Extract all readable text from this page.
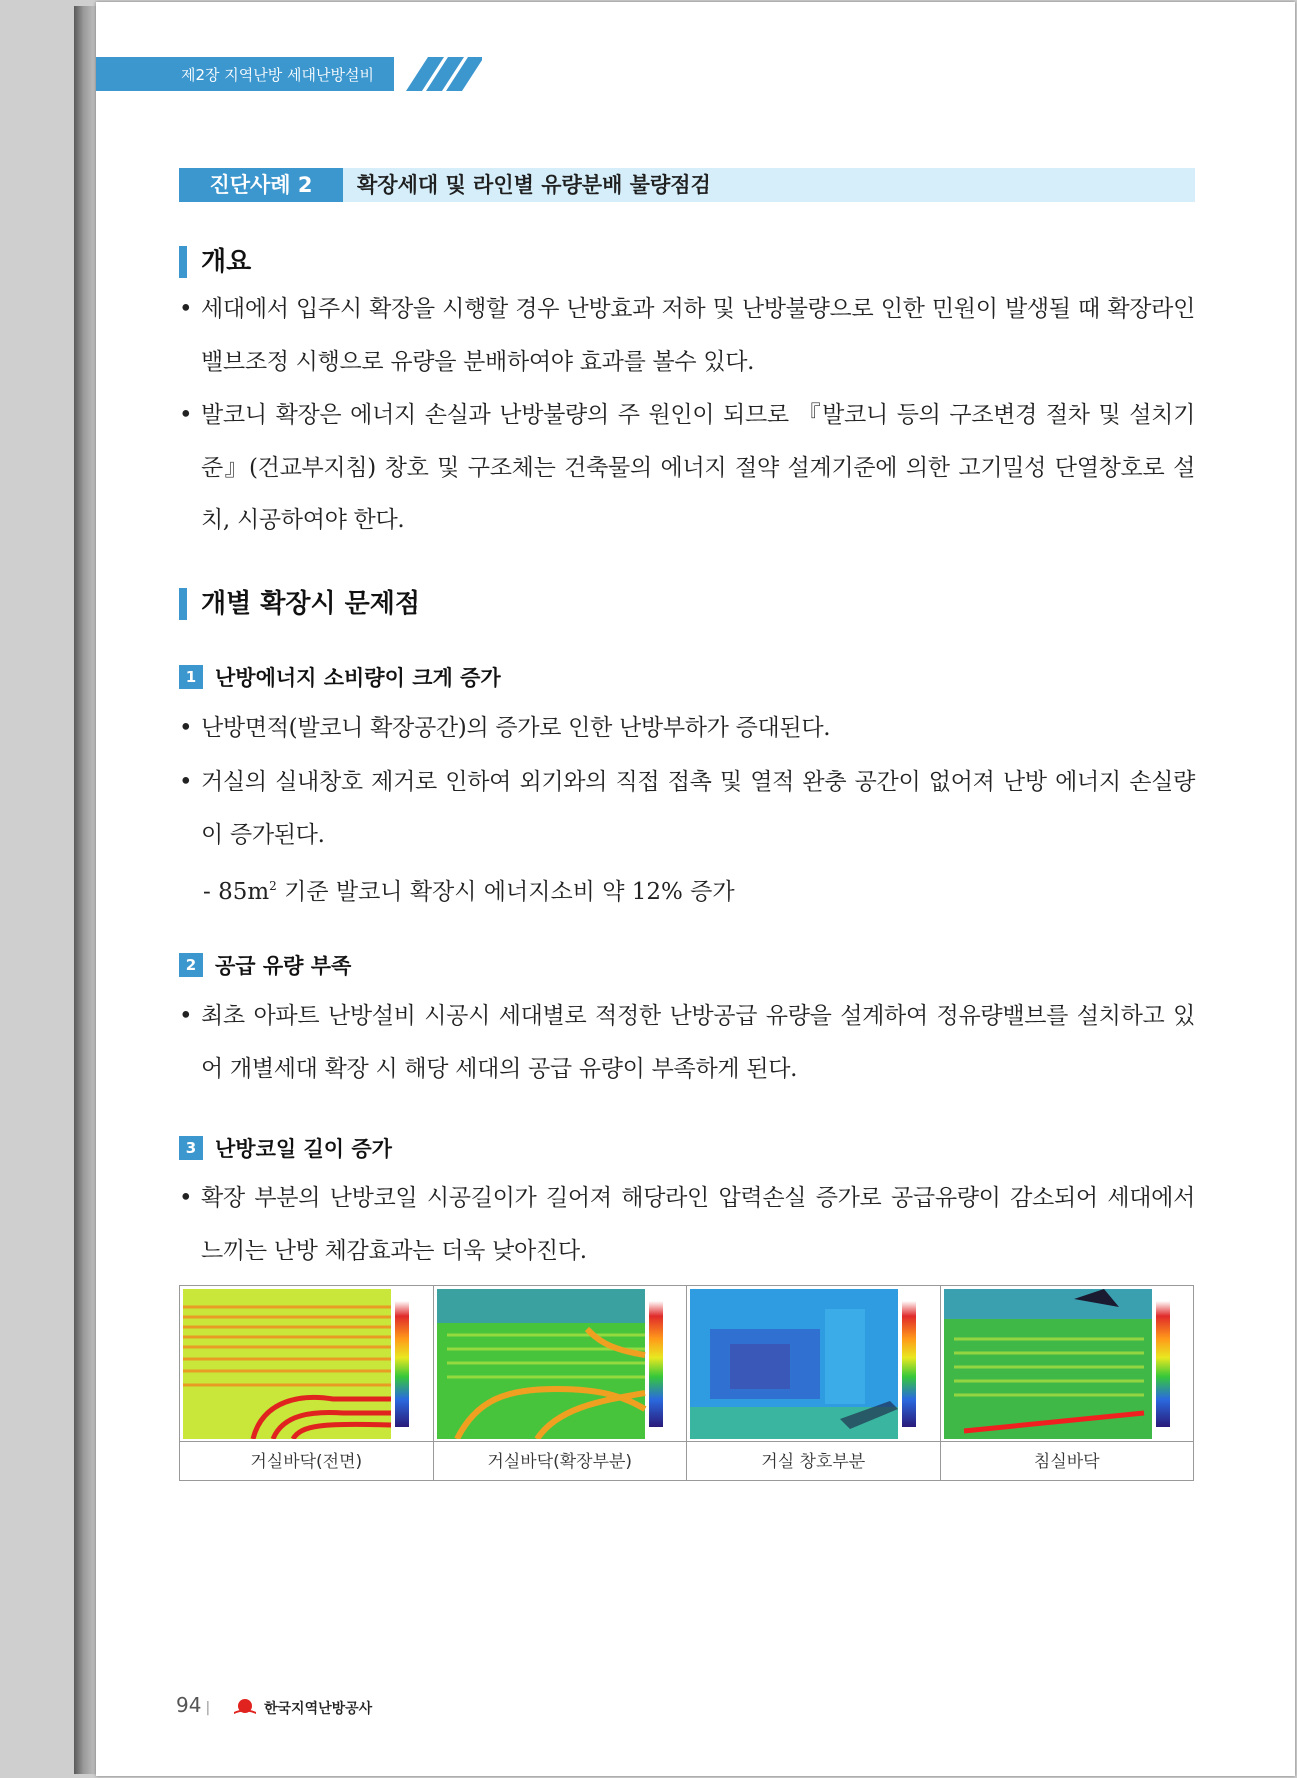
제2장 지역난방 세대난방설비
진단사례 2	확장세대 및 라인별 유량분배 불량점검
개요
• 세대에서 입주시 확장을 시행할 경우 난방효과 저하 및 난방불량으로 인한 민원이 발생될 때 확장라인 밸브조정 시행으로 유량을 분배하여야 효과를 볼수 있다.
• 발코니 확장은 에너지 손실과 난방불량의 주 원인이 되므로 『발코니 등의 구조변경 절차 및 설치기준』(건교부지침) 창호 및 구조체는 건축물의 에너지 절약 설계기준에 의한 고기밀성 단열창호로 설치, 시공하여야 한다.
개별 확장시 문제점
1 난방에너지 소비량이 크게 증가
• 난방면적(발코니 확장공간)의 증가로 인한 난방부하가 증대된다.
• 거실의 실내창호 제거로 인하여 외기와의 직접 접촉 및 열적 완충 공간이 없어져 난방 에너지 손실량이 증가된다.
- $85m^2$ 기준 발코니 확장시 에너지소비 약 12% 증가
2 공급 유량 부족
• 최초 아파트 난방설비 시공시 세대별로 적정한 난방공급 유량을 설계하여 정유량밸브를 설치하고 있어 개별세대 확장 시 해당 세대의 공급 유량이 부족하게 된다.
3 난방코일 길이 증가
• 확장 부분의 난방코일 시공길이가 길어져 해당라인 압력손실 증가로 공급유량이 감소되어 세대에서 느끼는 난방 체감효과는 더욱 낮아진다.
거실바닥(전면)	거실바닥(확장부분)	거실 창호부분	침실바닥
94 |	한국지역난방공사
